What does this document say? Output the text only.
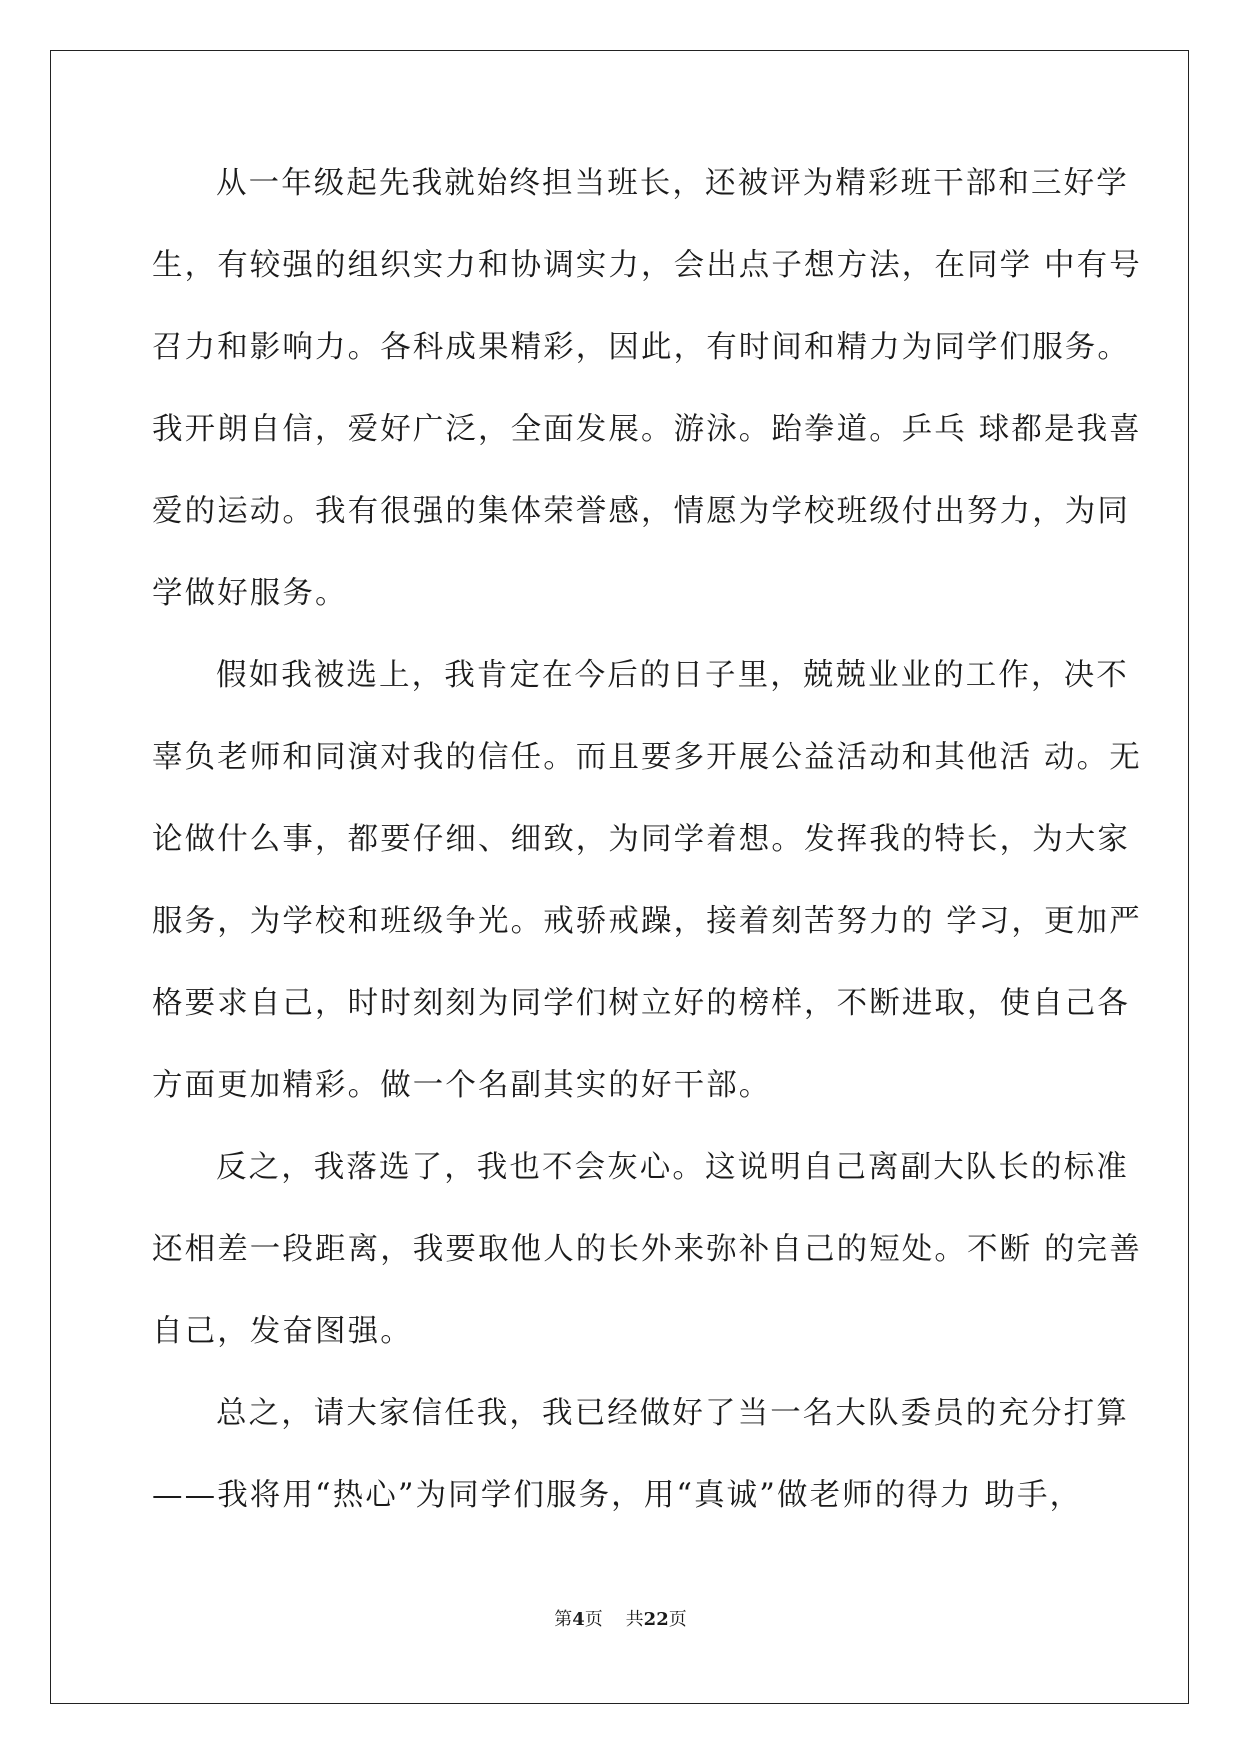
从一年级起先我就始终担当班长，还被评为精彩班干部和三好学
生，有较强的组织实力和协调实力，会出点子想方法，在同学 中有号
召力和影响力。各科成果精彩，因此，有时间和精力为同学们服务。
我开朗自信，爱好广泛，全面发展。游泳。跆拳道。乒乓 球都是我喜
爱的运动。我有很强的集体荣誉感，情愿为学校班级付出努力，为同
学做好服务。
假如我被选上，我肯定在今后的日子里，兢兢业业的工作，决不
辜负老师和同演对我的信任。而且要多开展公益活动和其他活 动。无
论做什么事，都要仔细、细致，为同学着想。发挥我的特长，为大家
服务，为学校和班级争光。戒骄戒躁，接着刻苦努力的 学习，更加严
格要求自己，时时刻刻为同学们树立好的榜样，不断进取，使自己各
方面更加精彩。做一个名副其实的好干部。
反之，我落选了，我也不会灰心。这说明自己离副大队长的标准
还相差一段距离，我要取他人的长外来弥补自己的短处。不断 的完善
自己，发奋图强。
总之，请大家信任我，我已经做好了当一名大队委员的充分打算
——我将用“热心”为同学们服务，用“真诚”做老师的得力 助手，
第4页 共22页
